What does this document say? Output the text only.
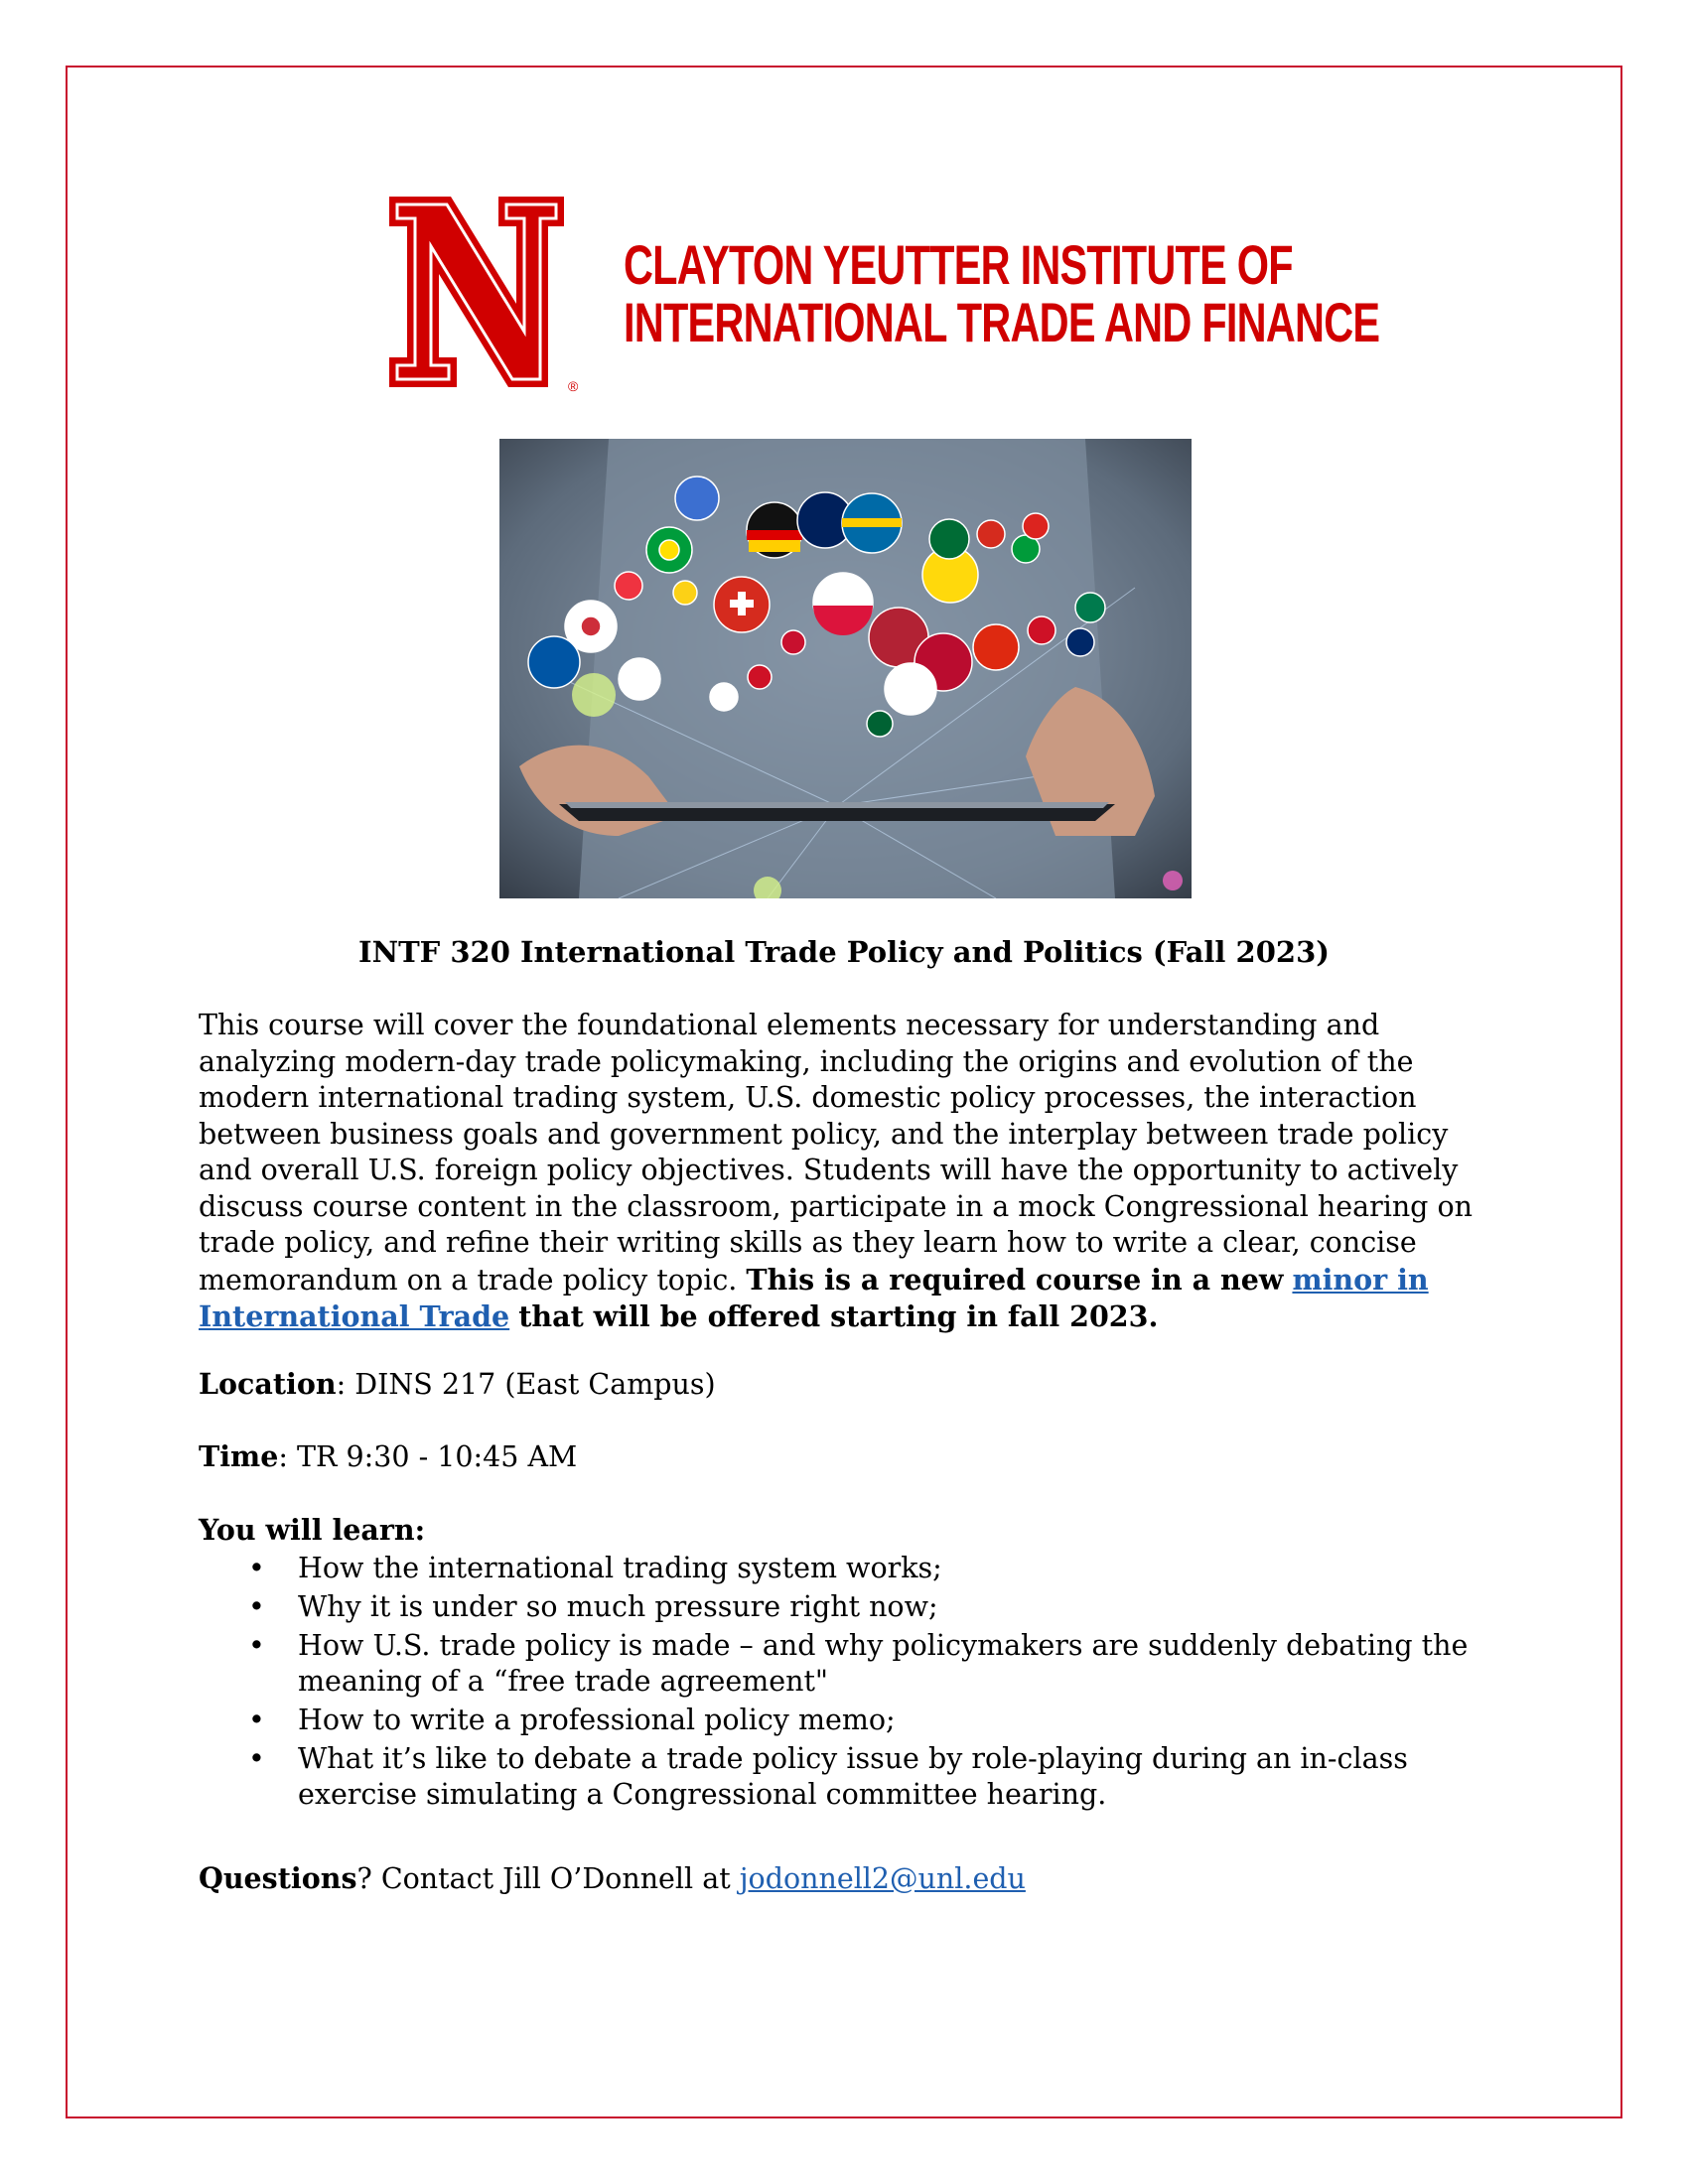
®
CLAYTON YEUTTER INSTITUTE OF
INTERNATIONAL TRADE AND FINANCE
INTF 320 International Trade Policy and Politics (Fall 2023)
This course will cover the foundational elements necessary for understanding and analyzing modern-day trade policymaking, including the origins and evolution of the modern international trading system, U.S. domestic policy processes, the interaction between business goals and government policy, and the interplay between trade policy and overall U.S. foreign policy objectives. Students will have the opportunity to actively discuss course content in the classroom, participate in a mock Congressional hearing on trade policy, and refine their writing skills as they learn how to write a clear, concise memorandum on a trade policy topic. This is a required course in a new minor in International Trade that will be offered starting in fall 2023.
Location: DINS 217 (East Campus)
Time: TR 9:30 - 10:45 AM
You will learn:
• How the international trading system works;
• Why it is under so much pressure right now;
• How U.S. trade policy is made – and why policymakers are suddenly debating the meaning of a “free trade agreement"
• How to write a professional policy memo;
• What it’s like to debate a trade policy issue by role-playing during an in-class exercise simulating a Congressional committee hearing.
Questions? Contact Jill O’Donnell at jodonnell2@unl.edu
